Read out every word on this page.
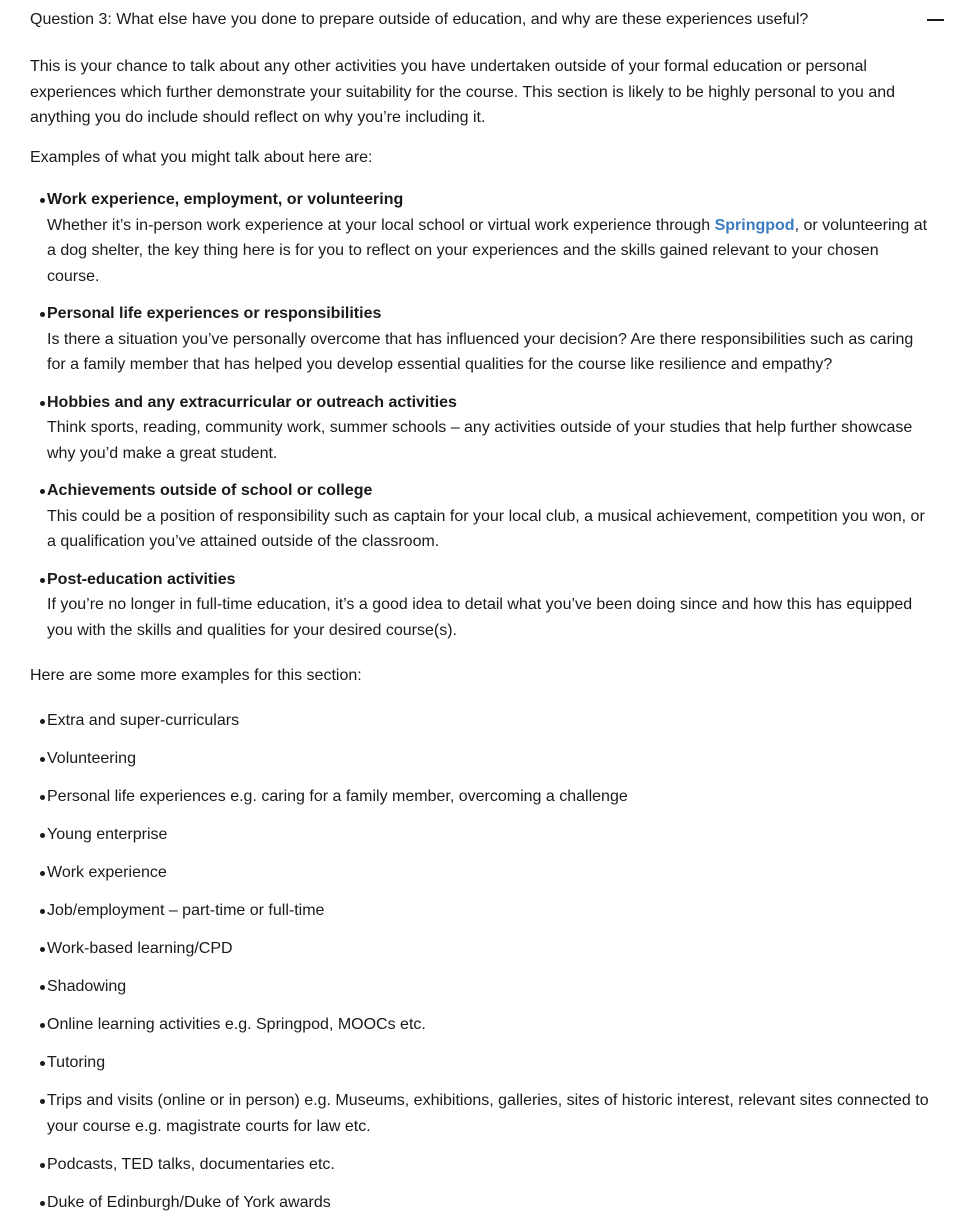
Question 3: What else have you done to prepare outside of education, and why are these experiences useful?

This is your chance to talk about any other activities you have undertaken outside of your formal education or personal experiences which further demonstrate your suitability for the course. This section is likely to be highly personal to you and anything you do include should reflect on why you’re including it.

Examples of what you might talk about here are:

Work experience, employment, or volunteering
Whether it’s in-person work experience at your local school or virtual work experience through Springpod, or volunteering at a dog shelter, the key thing here is for you to reflect on your experiences and the skills gained relevant to your chosen course.
Personal life experiences or responsibilities
Is there a situation you’ve personally overcome that has influenced your decision? Are there responsibilities such as caring for a family member that has helped you develop essential qualities for the course like resilience and empathy?
Hobbies and any extracurricular or outreach activities
Think sports, reading, community work, summer schools – any activities outside of your studies that help further showcase why you’d make a great student.
Achievements outside of school or college
This could be a position of responsibility such as captain for your local club, a musical achievement, competition you won, or a qualification you’ve attained outside of the classroom.
Post-education activities
If you’re no longer in full-time education, it’s a good idea to detail what you’ve been doing since and how this has equipped you with the skills and qualities for your desired course(s).

Here are some more examples for this section:

Extra and super-curriculars
Volunteering
Personal life experiences e.g. caring for a family member, overcoming a challenge
Young enterprise
Work experience
Job/employment – part-time or full-time
Work-based learning/CPD
Shadowing
Online learning activities e.g. Springpod, MOOCs etc.
Tutoring
Trips and visits (online or in person) e.g. Museums, exhibitions, galleries, sites of historic interest, relevant sites connected to your course e.g. magistrate courts for law etc.
Podcasts, TED talks, documentaries etc.
Duke of Edinburgh/Duke of York awards
